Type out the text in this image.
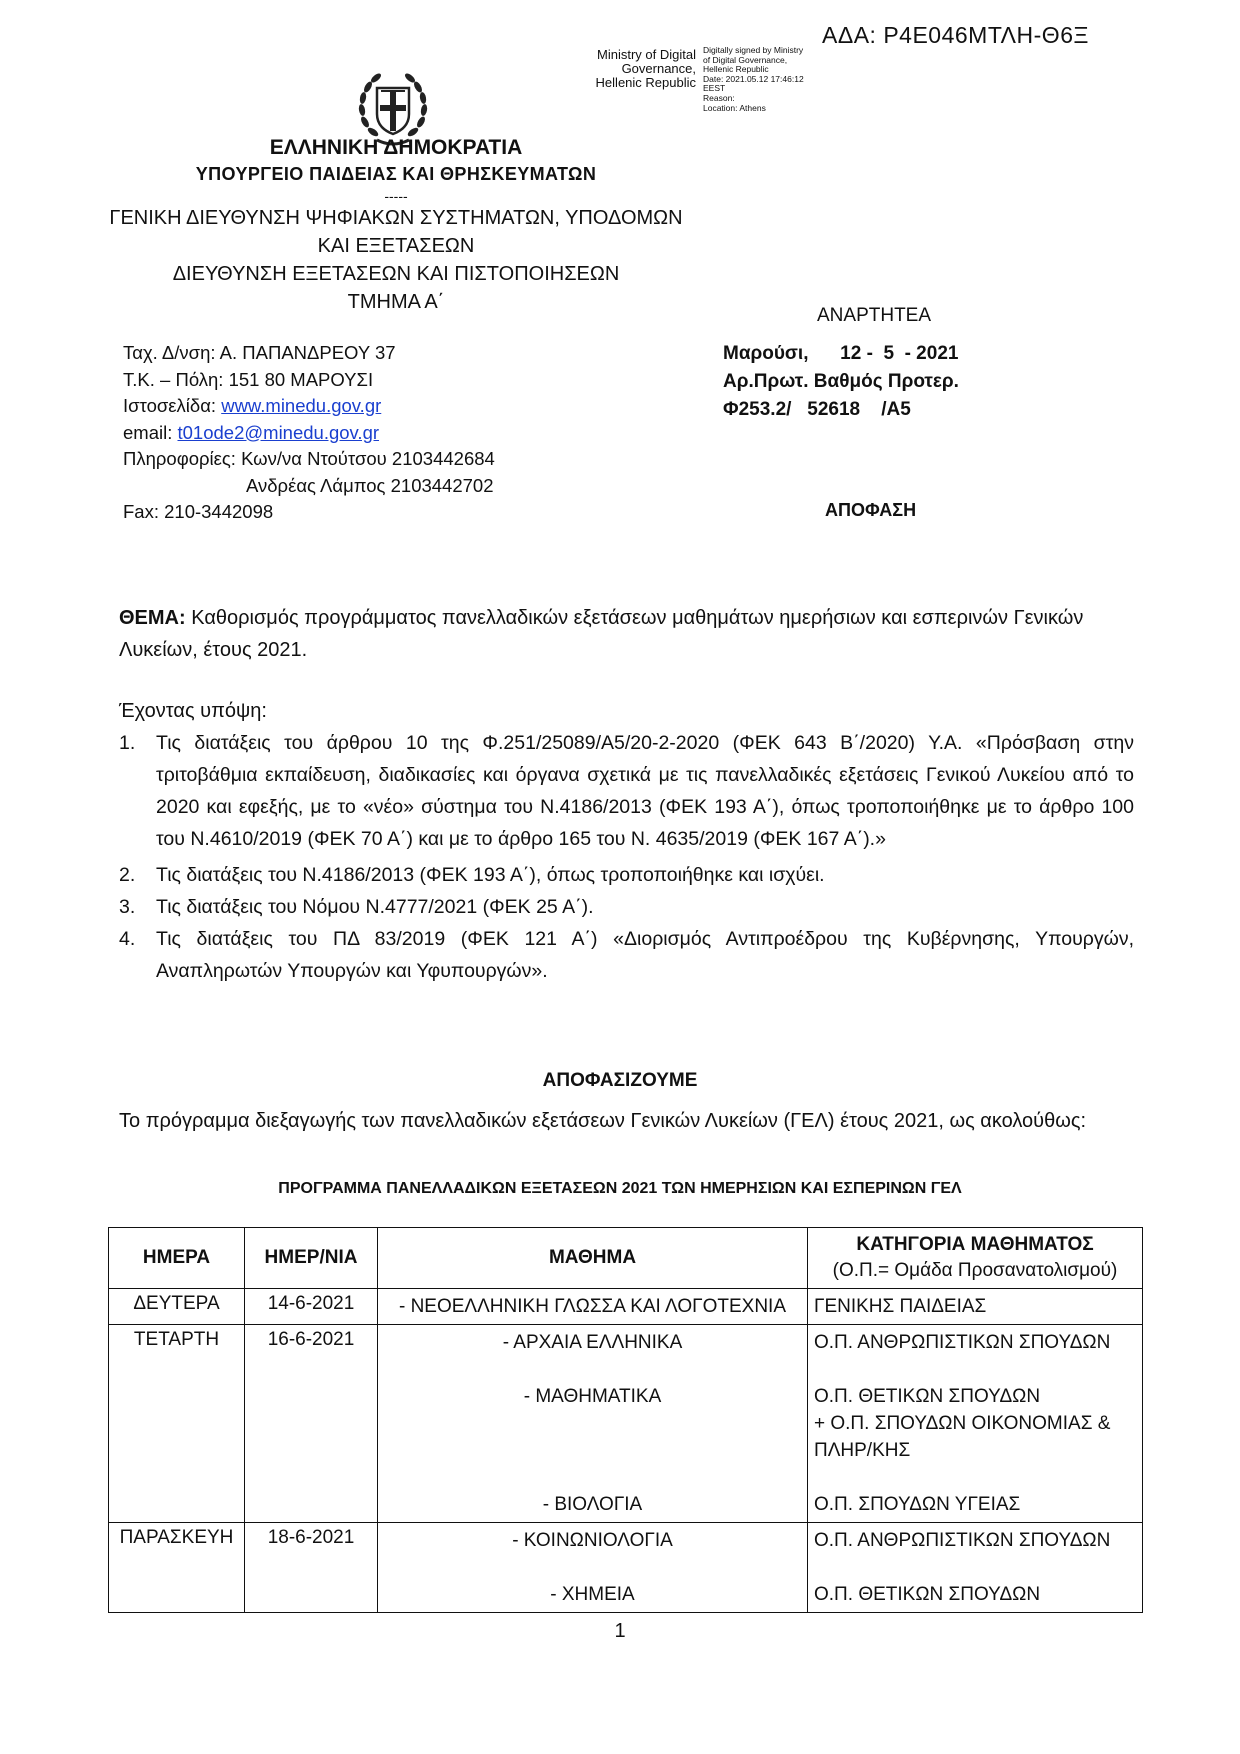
ΑΔΑ: Ρ4Ε046ΜΤΛΗ-Θ6Ξ
Ministry of Digital
Governance,
Hellenic Republic
Digitally signed by Ministry
of Digital Governance,
Hellenic Republic
Date: 2021.05.12 17:46:12
EEST
Reason:
Location: Athens
ΕΛΛΗΝΙΚΗ ΔΗΜΟΚΡΑΤΙΑ
ΥΠΟΥΡΓΕΙΟ ΠΑΙΔΕΙΑΣ ΚΑΙ ΘΡΗΣΚΕΥΜΑΤΩΝ
-----
ΓΕΝΙΚΗ ΔΙΕΥΘΥΝΣΗ ΨΗΦΙΑΚΩΝ ΣΥΣΤΗΜΑΤΩΝ, ΥΠΟΔΟΜΩΝ
ΚΑΙ ΕΞΕΤΑΣΕΩΝ
ΔΙΕΥΘΥΝΣΗ ΕΞΕΤΑΣΕΩΝ ΚΑΙ ΠΙΣΤΟΠΟΙΗΣΕΩΝ
ΤΜΗΜΑ Α΄
Ταχ. Δ/νση: Α. ΠΑΠΑΝΔΡΕΟΥ 37
Τ.Κ. – Πόλη: 151 80 ΜΑΡΟΥΣΙ
Ιστοσελίδα: www.minedu.gov.gr
email: t01ode2@minedu.gov.gr
Πληροφορίες: Κων/να Ντούτσου 2103442684
Ανδρέας Λάμπος 2103442702
Fax: 210-3442098
ΑΝΑΡΤΗΤΕΑ
Μαρούσι,      12 -  5  - 2021
Αρ.Πρωτ. Βαθμός Προτερ.
Φ253.2/   52618    /Α5
ΑΠΟΦΑΣΗ
ΘΕΜΑ: Καθορισμός προγράμματος πανελλαδικών εξετάσεων μαθημάτων ημερήσιων και εσπερινών Γενικών Λυκείων, έτους 2021.
Έχοντας υπόψη:
1. Τις διατάξεις του άρθρου 10 της Φ.251/25089/Α5/20-2-2020 (ΦΕΚ 643 Β΄/2020) Υ.Α. «Πρόσβαση στην τριτοβάθμια εκπαίδευση, διαδικασίες και όργανα σχετικά με τις πανελλαδικές εξετάσεις Γενικού Λυκείου από το 2020 και εφεξής, με το «νέο» σύστημα του Ν.4186/2013 (ΦΕΚ 193 Α΄), όπως τροποποιήθηκε με το άρθρο 100 του Ν.4610/2019 (ΦΕΚ 70 Α΄) και με το άρθρο 165 του Ν. 4635/2019 (ΦΕΚ 167 Α΄).»
2. Τις διατάξεις του Ν.4186/2013 (ΦΕΚ 193 Α΄), όπως τροποποιήθηκε και ισχύει.
3. Τις διατάξεις του Νόμου Ν.4777/2021 (ΦΕΚ 25 Α΄).
4. Τις διατάξεις του ΠΔ 83/2019 (ΦΕΚ 121 Α΄) «Διορισμός Αντιπροέδρου της Κυβέρνησης, Υπουργών, Αναπληρωτών Υπουργών και Υφυπουργών».
ΑΠΟΦΑΣΙΖΟΥΜΕ
Το πρόγραμμα διεξαγωγής των πανελλαδικών εξετάσεων Γενικών Λυκείων (ΓΕΛ) έτους 2021, ως ακολούθως:
ΠΡΟΓΡΑΜΜΑ ΠΑΝΕΛΛΑΔΙΚΩΝ ΕΞΕΤΑΣΕΩΝ 2021 ΤΩΝ ΗΜΕΡΗΣΙΩΝ ΚΑΙ ΕΣΠΕΡΙΝΩΝ ΓΕΛ
ΗΜΕΡΑ	ΗΜΕΡ/ΝΙΑ	ΜΑΘΗΜΑ	ΚΑΤΗΓΟΡΙΑ ΜΑΘΗΜΑΤΟΣ
(Ο.Π.= Ομάδα Προσανατολισμού)

ΔΕΥΤΕΡΑ	14-6-2021	- ΝΕΟΕΛΛΗΝΙΚΗ ΓΛΩΣΣΑ ΚΑΙ ΛΟΓΟΤΕΧΝΙΑ	ΓΕΝΙΚΗΣ ΠΑΙΔΕΙΑΣ

ΤΕΤΑΡΤΗ	16-6-2021	- ΑΡΧΑΙΑ ΕΛΛΗΝΙΚΑ
- ΜΑΘΗΜΑΤΙΚΑ
- ΒΙΟΛΟΓΙΑ	Ο.Π. ΑΝΘΡΩΠΙΣΤΙΚΩΝ ΣΠΟΥΔΩΝ
Ο.Π. ΘΕΤΙΚΩΝ ΣΠΟΥΔΩΝ
+ Ο.Π. ΣΠΟΥΔΩΝ ΟΙΚΟΝΟΜΙΑΣ &
ΠΛΗΡ/ΚΗΣ
Ο.Π. ΣΠΟΥΔΩΝ ΥΓΕΙΑΣ

ΠΑΡΑΣΚΕΥΗ	18-6-2021	- ΚΟΙΝΩΝΙΟΛΟΓΙΑ
- ΧΗΜΕΙΑ	Ο.Π. ΑΝΘΡΩΠΙΣΤΙΚΩΝ ΣΠΟΥΔΩΝ
Ο.Π. ΘΕΤΙΚΩΝ ΣΠΟΥΔΩΝ
1
